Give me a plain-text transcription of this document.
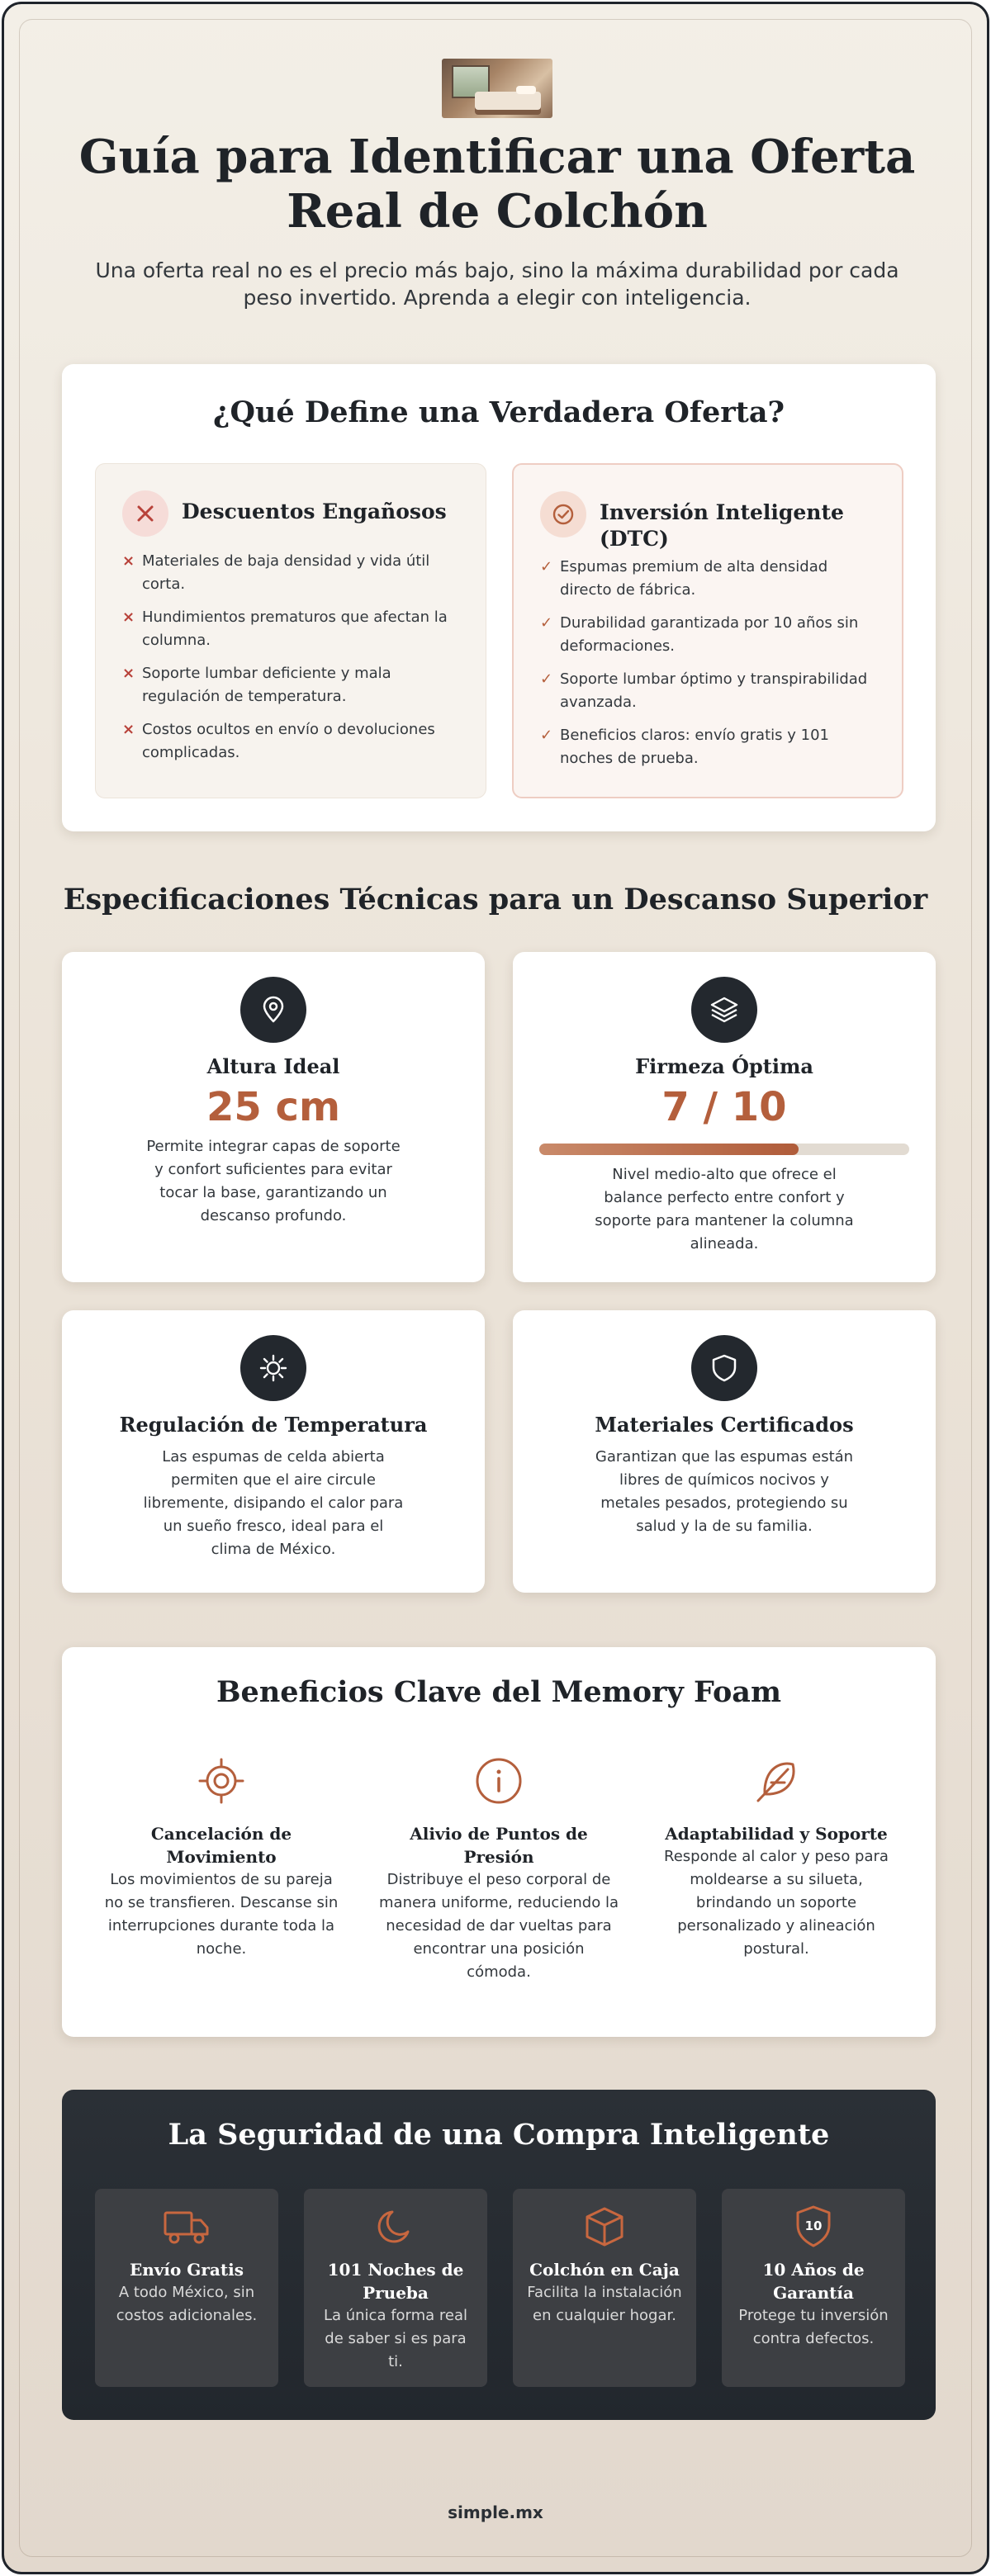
Guía para Identificar una Oferta Real de Colchón

Una oferta real no es el precio más bajo, sino la máxima durabilidad por cada peso invertido. Aprenda a elegir con inteligencia.

¿Qué Define una Verdadera Oferta?
Descuentos Engañosos
× Materiales de baja densidad y vida útil corta.
× Hundimientos prematuros que afectan la columna.
× Soporte lumbar deficiente y mala regulación de temperatura.
× Costos ocultos en envío o devoluciones complicadas.
Inversión Inteligente (DTC)
✓ Espumas premium de alta densidad directo de fábrica.
✓ Durabilidad garantizada por 10 años sin deformaciones.
✓ Soporte lumbar óptimo y transpirabilidad avanzada.
✓ Beneficios claros: envío gratis y 101 noches de prueba.
Especificaciones Técnicas para un Descanso Superior
Altura Ideal
25 cm
Permite integrar capas de soporte y confort suficientes para evitar tocar la base, garantizando un descanso profundo.
Firmeza Óptima
7 / 10
Nivel medio-alto que ofrece el balance perfecto entre confort y soporte para mantener la columna alineada.
Regulación de Temperatura
Las espumas de celda abierta permiten que el aire circule libremente, disipando el calor para un sueño fresco, ideal para el clima de México.
Materiales Certificados
Garantizan que las espumas están libres de químicos nocivos y metales pesados, protegiendo su salud y la de su familia.
Beneficios Clave del Memory Foam
Cancelación de Movimiento
Los movimientos de su pareja no se transfieren. Descanse sin interrupciones durante toda la noche.
Alivio de Puntos de Presión
Distribuye el peso corporal de manera uniforme, reduciendo la necesidad de dar vueltas para encontrar una posición cómoda.
Adaptabilidad y Soporte
Responde al calor y peso para moldearse a su silueta, brindando un soporte personalizado y alineación postural.
La Seguridad de una Compra Inteligente
Envío Gratis
A todo México, sin costos adicionales.
101 Noches de Prueba
La única forma real de saber si es para ti.
Colchón en Caja
Facilita la instalación en cualquier hogar.
10
10 Años de Garantía
Protege tu inversión contra defectos.
simple.mx
